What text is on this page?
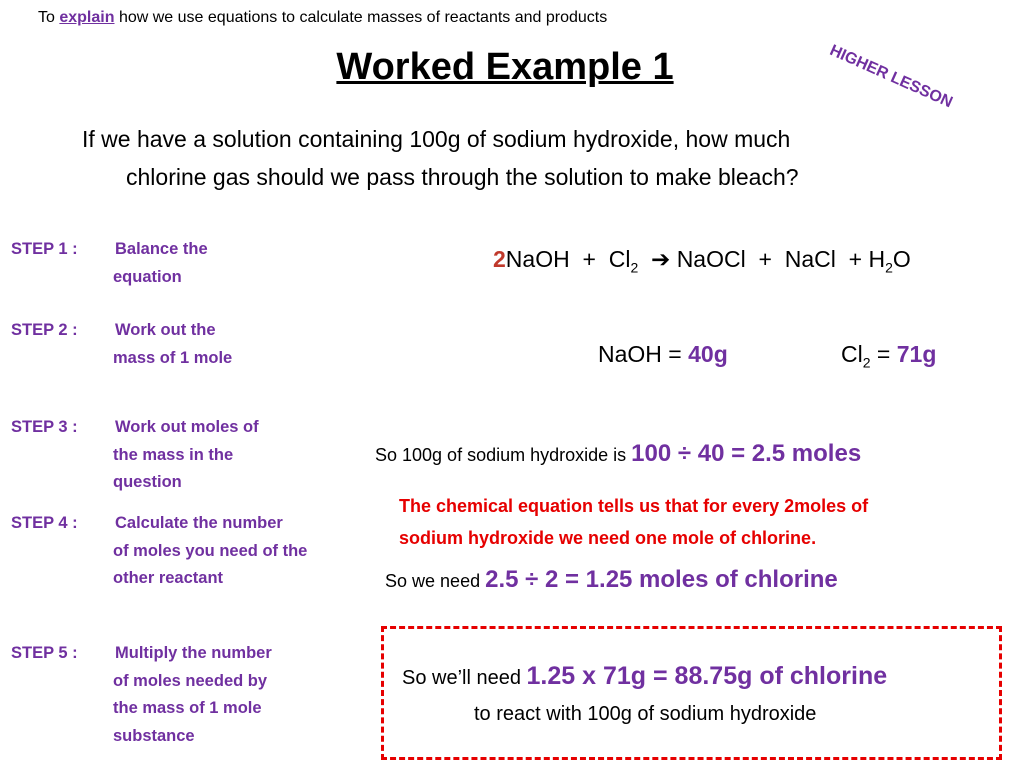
To explain how we use equations to calculate masses of reactants and products
HIGHER LESSON
Worked Example 1
If we have a solution containing 100g of sodium hydroxide, how much
chlorine gas should we pass through the solution to make bleach?
STEP 1 : Balance the
equation
STEP 2 : Work out the
mass of 1 mole
STEP 3 : Work out moles of
the mass in the
question
STEP 4 : Calculate the number
of moles you need of the
other reactant
STEP 5 : Multiply the number
of moles needed by
the mass of 1 mole
substance
2NaOH + $Cl_2$ ➔ NaOCl + NaCl + $H_2O$
NaOH = 40g	$Cl_2 = 71g$
So 100g of sodium hydroxide is 100 ÷ 40 = 2.5 moles
The chemical equation tells us that for every 2moles of
sodium hydroxide we need one mole of chlorine.
So we need 2.5 ÷ 2 = 1.25 moles of chlorine
So we’ll need 1.25 x 71g = 88.75g of chlorine
to react with 100g of sodium hydroxide
